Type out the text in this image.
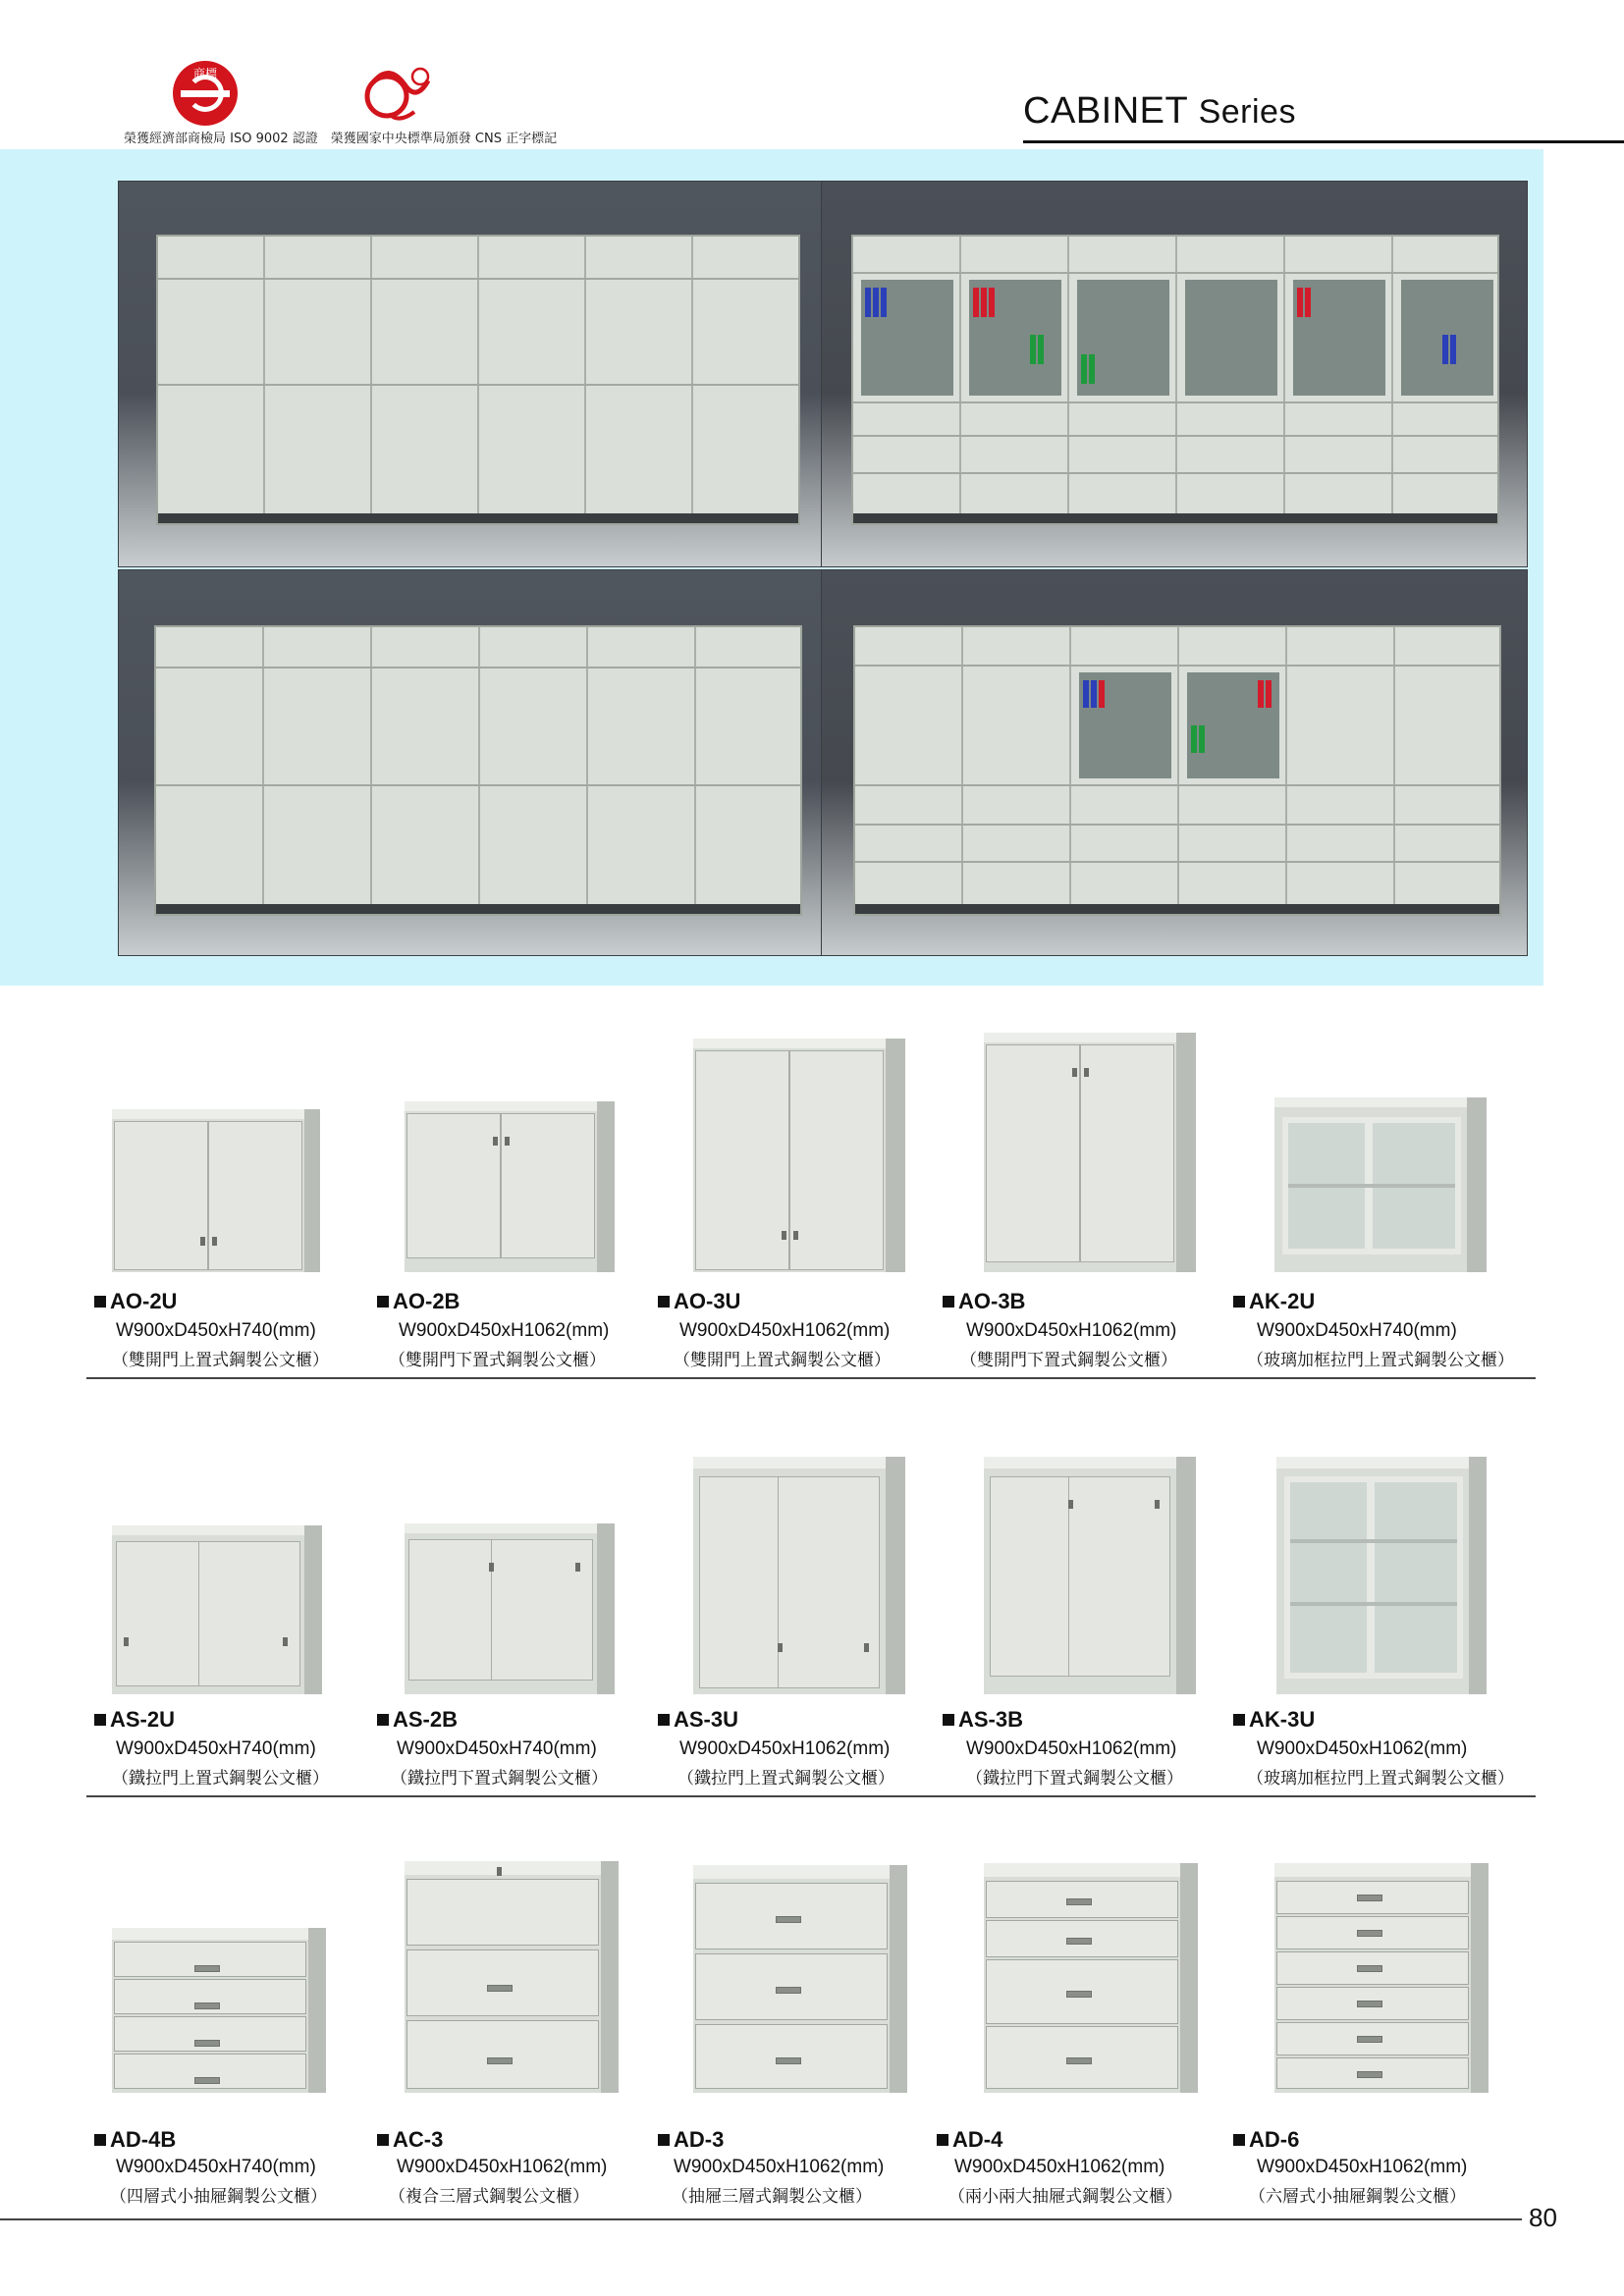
商標
榮獲經濟部商檢局 ISO 9002 認證　榮獲國家中央標準局頒發 CNS 正字標記
CABINET Series
AO-2U
W900xD450xH740(mm)
（雙開門上置式鋼製公文櫃）
AO-2B
W900xD450xH1062(mm)
（雙開門下置式鋼製公文櫃）
AO-3U
W900xD450xH1062(mm)
（雙開門上置式鋼製公文櫃）
AO-3B
W900xD450xH1062(mm)
（雙開門下置式鋼製公文櫃）
AK-2U
W900xD450xH740(mm)
（玻璃加框拉門上置式鋼製公文櫃）
AS-2U
W900xD450xH740(mm)
（鐵拉門上置式鋼製公文櫃）
AS-2B
W900xD450xH740(mm)
（鐵拉門下置式鋼製公文櫃）
AS-3U
W900xD450xH1062(mm)
（鐵拉門上置式鋼製公文櫃）
AS-3B
W900xD450xH1062(mm)
（鐵拉門下置式鋼製公文櫃）
AK-3U
W900xD450xH1062(mm)
（玻璃加框拉門上置式鋼製公文櫃）
AD-4B
W900xD450xH740(mm)
（四層式小抽屜鋼製公文櫃）
AC-3
W900xD450xH1062(mm)
（複合三層式鋼製公文櫃）
AD-3
W900xD450xH1062(mm)
（抽屜三層式鋼製公文櫃）
AD-4
W900xD450xH1062(mm)
（兩小兩大抽屜式鋼製公文櫃）
AD-6
W900xD450xH1062(mm)
（六層式小抽屜鋼製公文櫃）
80
